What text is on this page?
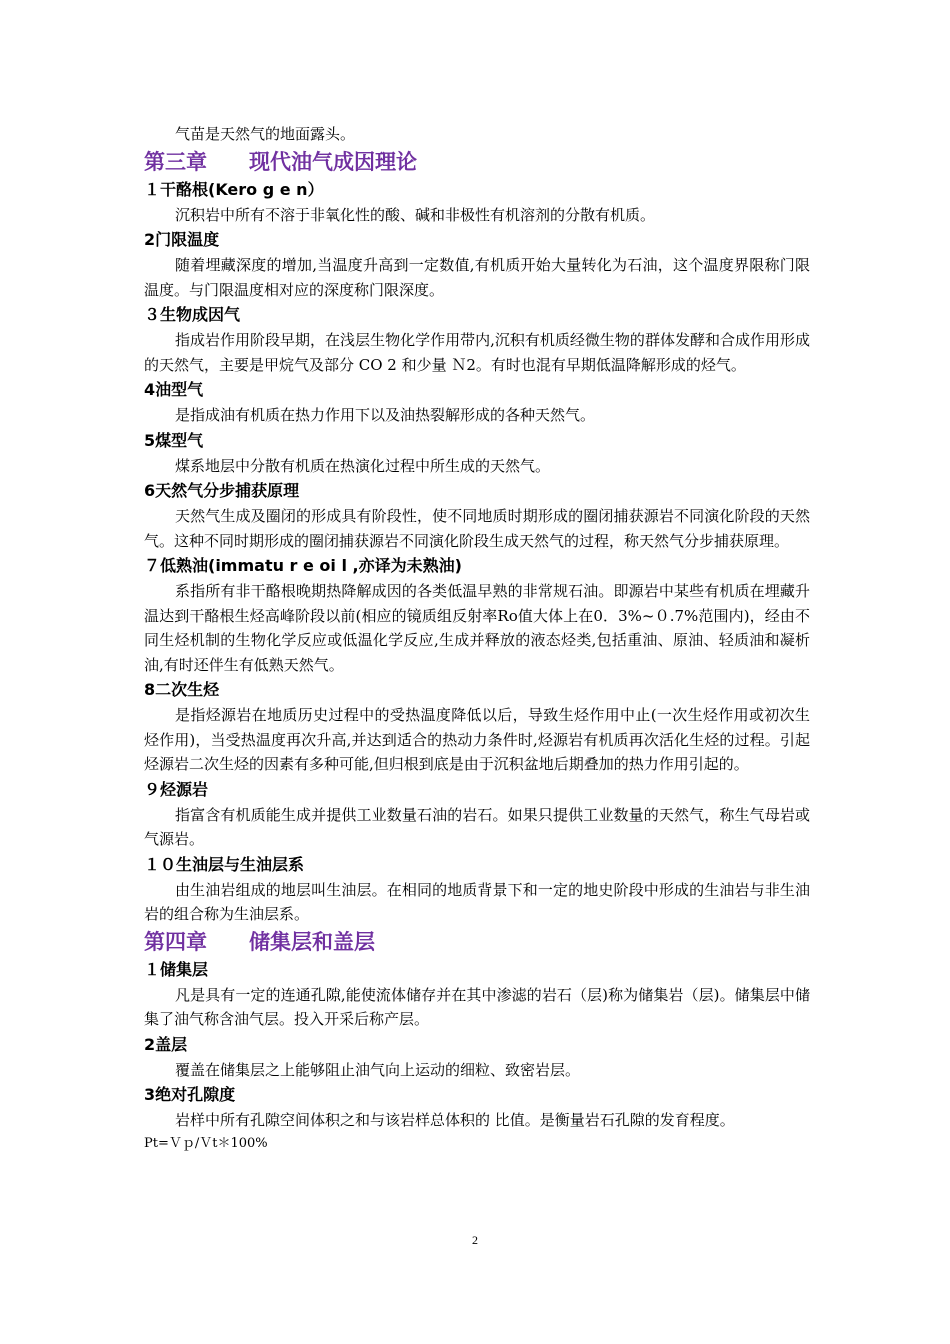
气苗是天然气的地面露头。

第三章　　现代油气成因理论

１干酪根(Kero g e n）

沉积岩中所有不溶于非氧化性的酸、碱和非极性有机溶剂的分散有机质。

2门限温度

随着埋藏深度的增加,当温度升高到一定数值,有机质开始大量转化为石油，这个温度界限称门限温度。与门限温度相对应的深度称门限深度。

３生物成因气

指成岩作用阶段早期，在浅层生物化学作用带内,沉积有机质经微生物的群体发酵和合成作用形成的天然气，主要是甲烷气及部分 CO 2 和少量 Ｎ2。有时也混有早期低温降解形成的烃气。

4油型气

是指成油有机质在热力作用下以及油热裂解形成的各种天然气。

5煤型气

煤系地层中分散有机质在热演化过程中所生成的天然气。

6天然气分步捕获原理

天然气生成及圈闭的形成具有阶段性，使不同地质时期形成的圈闭捕获源岩不同演化阶段的天然气。这种不同时期形成的圈闭捕获源岩不同演化阶段生成天然气的过程，称天然气分步捕获原理。

７低熟油(immatu r e oi l ,亦译为未熟油)

系指所有非干酪根晚期热降解成因的各类低温早熟的非常规石油。即源岩中某些有机质在埋藏升温达到干酪根生烃高峰阶段以前(相应的镜质组反射率Ro值大体上在0．3%~０.7%范围内)，经由不同生烃机制的生物化学反应或低温化学反应,生成并释放的液态烃类,包括重油、原油、轻质油和凝析油,有时还伴生有低熟天然气。

8二次生烃

是指烃源岩在地质历史过程中的受热温度降低以后，导致生烃作用中止(一次生烃作用或初次生烃作用)，当受热温度再次升高,并达到适合的热动力条件时,烃源岩有机质再次活化生烃的过程。引起烃源岩二次生烃的因素有多种可能,但归根到底是由于沉积盆地后期叠加的热力作用引起的。

９烃源岩

指富含有机质能生成并提供工业数量石油的岩石。如果只提供工业数量的天然气，称生气母岩或气源岩。

１０生油层与生油层系

由生油岩组成的地层叫生油层。在相同的地质背景下和一定的地史阶段中形成的生油岩与非生油岩的组合称为生油层系。

第四章　　储集层和盖层

１储集层

凡是具有一定的连通孔隙,能使流体储存并在其中渗滤的岩石（层)称为储集岩（层)。储集层中储集了油气称含油气层。投入开采后称产层。

2盖层

覆盖在储集层之上能够阻止油气向上运动的细粒、致密岩层。

3绝对孔隙度

岩样中所有孔隙空间体积之和与该岩样总体积的 比值。是衡量岩石孔隙的发育程度。

Pt=Ｖｐ/Ｖt＊100%

2
